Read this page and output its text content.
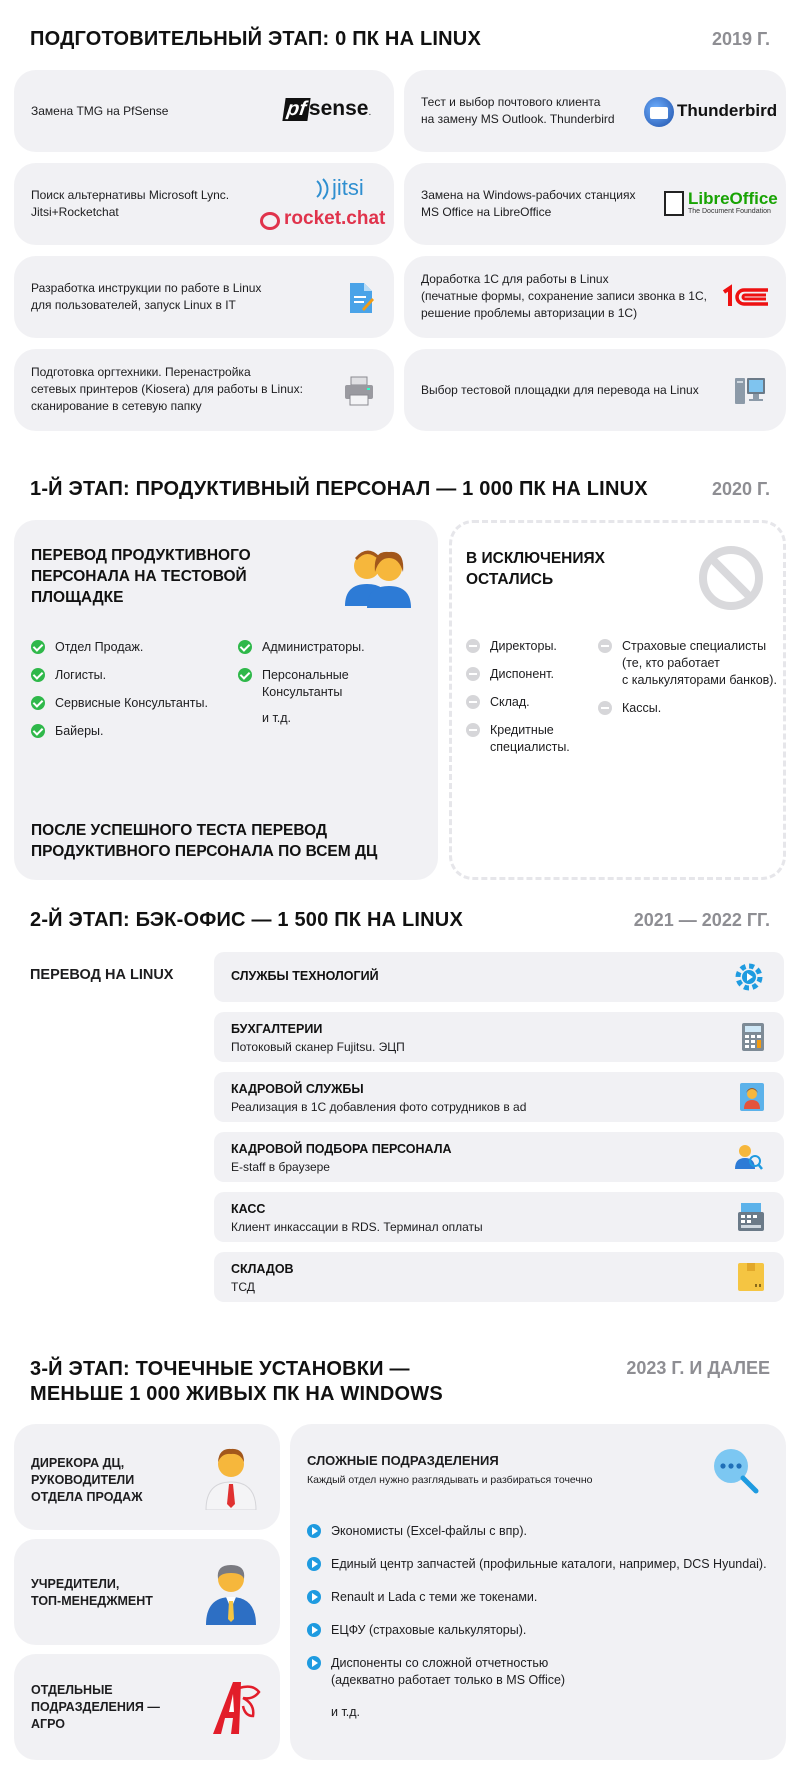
ПОДГОТОВИТЕЛЬНЫЙ ЭТАП: 0 ПК НА LINUX	2019 Г.
Замена TMG на PfSense	pfsense.
Тест и выбор почтового клиента
на замену MS Outlook. Thunderbird	Thunderbird
Поиск альтернативы Microsoft Lync.
Jitsi+Rocketchat
jitsi
rocket.chat
Замена на Windows-рабочих станциях
MS Office на LibreOffice
LibreOffice
The Document Foundation
Разработка инструкции по работе в Linux
для пользователей, запуск Linux в IT
Доработка 1С для работы в Linux
(печатные формы, сохранение записи звонка в 1С,
решение проблемы авторизации в 1С)
Подготовка оргтехники. Перенастройка
сетевых принтеров (Kiosera) для работы в Linux:
сканирование в сетевую папку
Выбор тестовой площадки для перевода на Linux
1-Й ЭТАП: ПРОДУКТИВНЫЙ ПЕРСОНАЛ — 1 000 ПК НА LINUX	2020 Г.
ПЕРЕВОД ПРОДУКТИВНОГО
ПЕРСОНАЛА НА ТЕСТОВОЙ
ПЛОЩАДКЕ
Отдел Продаж.
Логисты.
Сервисные Консультанты.
Байеры.
Администраторы.
Персональные
Консультанты
и т.д.
ПОСЛЕ УСПЕШНОГО ТЕСТА ПЕРЕВОД
ПРОДУКТИВНОГО ПЕРСОНАЛА ПО ВСЕМ ДЦ
В ИСКЛЮЧЕНИЯХ
ОСТАЛИСЬ
Директоры.
Диспонент.
Склад.
Кредитные
специалисты.
Страховые специалисты
(те, кто работает
с калькуляторами банков).
Кассы.
2-Й ЭТАП: БЭК-ОФИС — 1 500 ПК НА LINUX	2021 — 2022 ГГ.
ПЕРЕВОД НА LINUX	СЛУЖБЫ ТЕХНОЛОГИЙ
БУХГАЛТЕРИИ
Потоковый сканер Fujitsu. ЭЦП
КАДРОВОЙ СЛУЖБЫ
Реализация в 1С добавления фото сотрудников в ad
КАДРОВОЙ ПОДБОРА ПЕРСОНАЛА
E-staff в браузере
КАСС
Клиент инкассации в RDS. Терминал оплаты
СКЛАДОВ
ТСД
3-Й ЭТАП: ТОЧЕЧНЫЕ УСТАНОВКИ —
МЕНЬШЕ 1 000 ЖИВЫХ ПК НА WINDOWS
2023 Г. И ДАЛЕЕ
ДИРЕКОРА ДЦ,
РУКОВОДИТЕЛИ
ОТДЕЛА ПРОДАЖ
УЧРЕДИТЕЛИ,
ТОП-МЕНЕДЖМЕНТ
ОТДЕЛЬНЫЕ
ПОДРАЗДЕЛЕНИЯ —
АГРО
СЛОЖНЫЕ ПОДРАЗДЕЛЕНИЯ
Каждый отдел нужно разглядывать и разбираться точечно
Экономисты (Excel-файлы с впр).
Единый центр запчастей (профильные каталоги, например, DCS Hyundai).
Renault и Lada с теми же токенами.
ЕЦФУ (страховые калькуляторы).
Диспоненты со сложной отчетностью
(адекватно работает только в MS Office)
и т.д.
